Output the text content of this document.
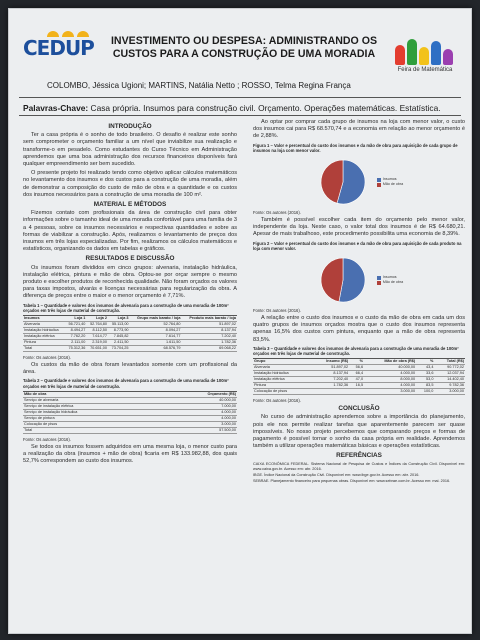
CEDUP	INVESTIMENTO OU DESPESA: ADMINISTRANDO OS CUSTOS PARA A CONSTRUÇÃO DE UMA MORADIA
Feira de Matemática
COLOMBO, Jéssica Ugioni; MARTINS, Natália Netto ; ROSSO, Telma Regina França
Palavras-Chave: Casa própria. Insumos para construção civil. Orçamento. Operações matemáticas. Estatística.

INTRODUÇÃO

Ter a casa própria é o sonho de todo brasileiro. O desafio é realizar este sonho sem comprometer o orçamento familiar a um nível que inviabilize sua realização e transforme-o em pesadelo. Como estudantes do Curso Técnico em Administração aprendemos que uma boa administração dos recursos financeiros disponíveis fará qualquer empreendimento ser bem sucedido.

O presente projeto foi realizado tendo como objetivo aplicar cálculos matemáticos no levantamento dos insumos e dos custos para a construção de uma moradia, além de demonstrar a composição do custo de mão de obra e a quantidade e os custos dos insumos necessários para a construção de uma moradia de 100 m².

MATERIAL E MÉTODOS

Fizemos contato com profissionais da área de construção civil para obter informações sobre o tamanho ideal de uma moradia confortável para uma família de 3 a 4 pessoas, sobre os insumos necessários e respectivas quantidades e sobre as formas de viabilizar a construção. Após, realizamos o levantamento de preços dos insumos em três lojas especializadas. Por fim, realizamos os cálculos matemáticos e estatísticos, organizando os dados em tabelas e gráficos.

RESULTADOS E DISCUSSÃO

Os insumos foram divididos em cinco grupos: alvenaria, instalação hidráulica, instalação elétrica, pintura e mão de obra. Optou-se por orçar sempre o mesmo produto e escolher produtos de reconhecida qualidade. Não foram orçados os valores para taxas impostos, alvarás e licenças necessárias para regularização da obra. A diferença de preços entre o maior e o menor orçamento é 7,71%.

Tabela 1 – Quantidade e valores dos insumos de alvenaria para a construção de uma moradia de 100m² orçados em três lojas de material de construção.

Insumos	Loja 1	Loja 2	Loja 3	Grupo mais barato / loja	Produto mais barato / loja
Alvenaria	56.721,40	52.764,80	55.113,00	52.764,80	51.897,02
Instalação hidráulica	8.494,27	8.112,50	8.773,90	8.094,27	8.137,94
Instalação elétrica	7.762,20	7.614,77	7.845,82	7.614,77	7.202,40
Pintura	2.111,00	2.319,00	2.411,50	1.611,50	1.782,36
Total	75.312,36	70.651,00	73.704,25	68.576,79	69.068,22

Fonte: Os autores (2016).

Os custos da mão de obra foram levantados somente com um profissional da área.

Tabela 2 – Quantidade e valores dos insumos de alvenaria para a construção de uma moradia de 100m² orçados em três lojas de material de construção.

Mão de obra	Orçamento (R$)
Serviço de alvenaria	40.000,00
Serviço de instalação elétrica	7.000,00
Serviço de instalação hidráulica	4.000,00
Serviço de pintura	4.000,00
Colocação de pisos	3.000,00
Total	57.500,00

Fonte: Os autores (2016).

Se todos os insumos fossem adquiridos em uma mesma loja, o menor custo para a realização da obra (insumos + mão de obra) ficaria em R$ 133.982,88, dos quais 52,7% correspondem ao custo dos insumos.

Ao optar por comprar cada grupo de insumos na loja com menor valor, o custo dos insumos cai para R$ 68.570,74 e a economia em relação ao menor orçamento é de 2,88%.

Figura 1 – Valor e percentual do custo dos insumos e da mão de obra para aquisição de cada grupo de insumos na loja com menor valor.

Insumos
Mão de obra

Fonte: Os autores (2016).

Também é possível escolher cada item do orçamento pelo menor valor, independente da loja. Neste caso, o valor total dos insumos é de R$ 64.680,21. Apesar de mais trabalhoso, este procedimento possibilita uma economia de 8,39%.

Figura 2 – Valor e percentual do custo dos insumos e da mão de obra para aquisição de cada produto na loja com menor valor.

Insumos
Mão de obra

Fonte: Os autores (2016).

A relação entre o custo dos insumos e o custo da mão de obra em cada um dos quatro grupos de insumos orçados mostra que o custo dos insumos representa apenas 16,5% dos custos com pintura, enquanto que a mão de obra representa 83,5%.

Tabela 3 – Quantidade e valores dos insumos de alvenaria para a construção de uma moradia de 100m² orçados em três lojas de material de construção.

Grupo	Insumo (R$)	%	Mão de obra (R$)	%	Total (R$)
Alvenaria	51.897,02	56,6	40.000,00	43,4	90.772,02
Instalação hidráulica	8.137,94	66,4	4.000,00	33,6	12.037,94
Instalação elétrica	7.202,40	47,0	8.000,00	53,0	14.402,40
Pintura	1.782,36	16,5	4.000,00	83,5	9.782,36
Colocação de pisos			3.000,00	100,0	3.000,00

Fonte: Os autores (2016).

CONCLUSÃO

No curso de administração aprendemos sobre a importância do planejamento, pois ele nos permite realizar tarefas que aparentemente parecem ser quase impossíveis. No nosso projeto percebemos que comparando preços e formas de pagamento é possível tornar o sonho da casa própria em realidade. Aprendemos também a utilizar operações matemáticas básicas e operações estatísticas.

REFERÊNCIAS

CAIXA ECONÔMICA FEDERAL. Sistema Nacional de Pesquisa de Custos e Índices da Construção Civil. Disponível em: www.caixa.gov.br. Acesso em: abr. 2016.

IBGE. Índice Nacional da Construção Civil. Disponível em: www.ibge.gov.br. Acesso em: abr. 2016.

SEBRAE. Planejamento financeiro para pequenas obras. Disponível em: www.sebrae.com.br. Acesso em: mai. 2016.
